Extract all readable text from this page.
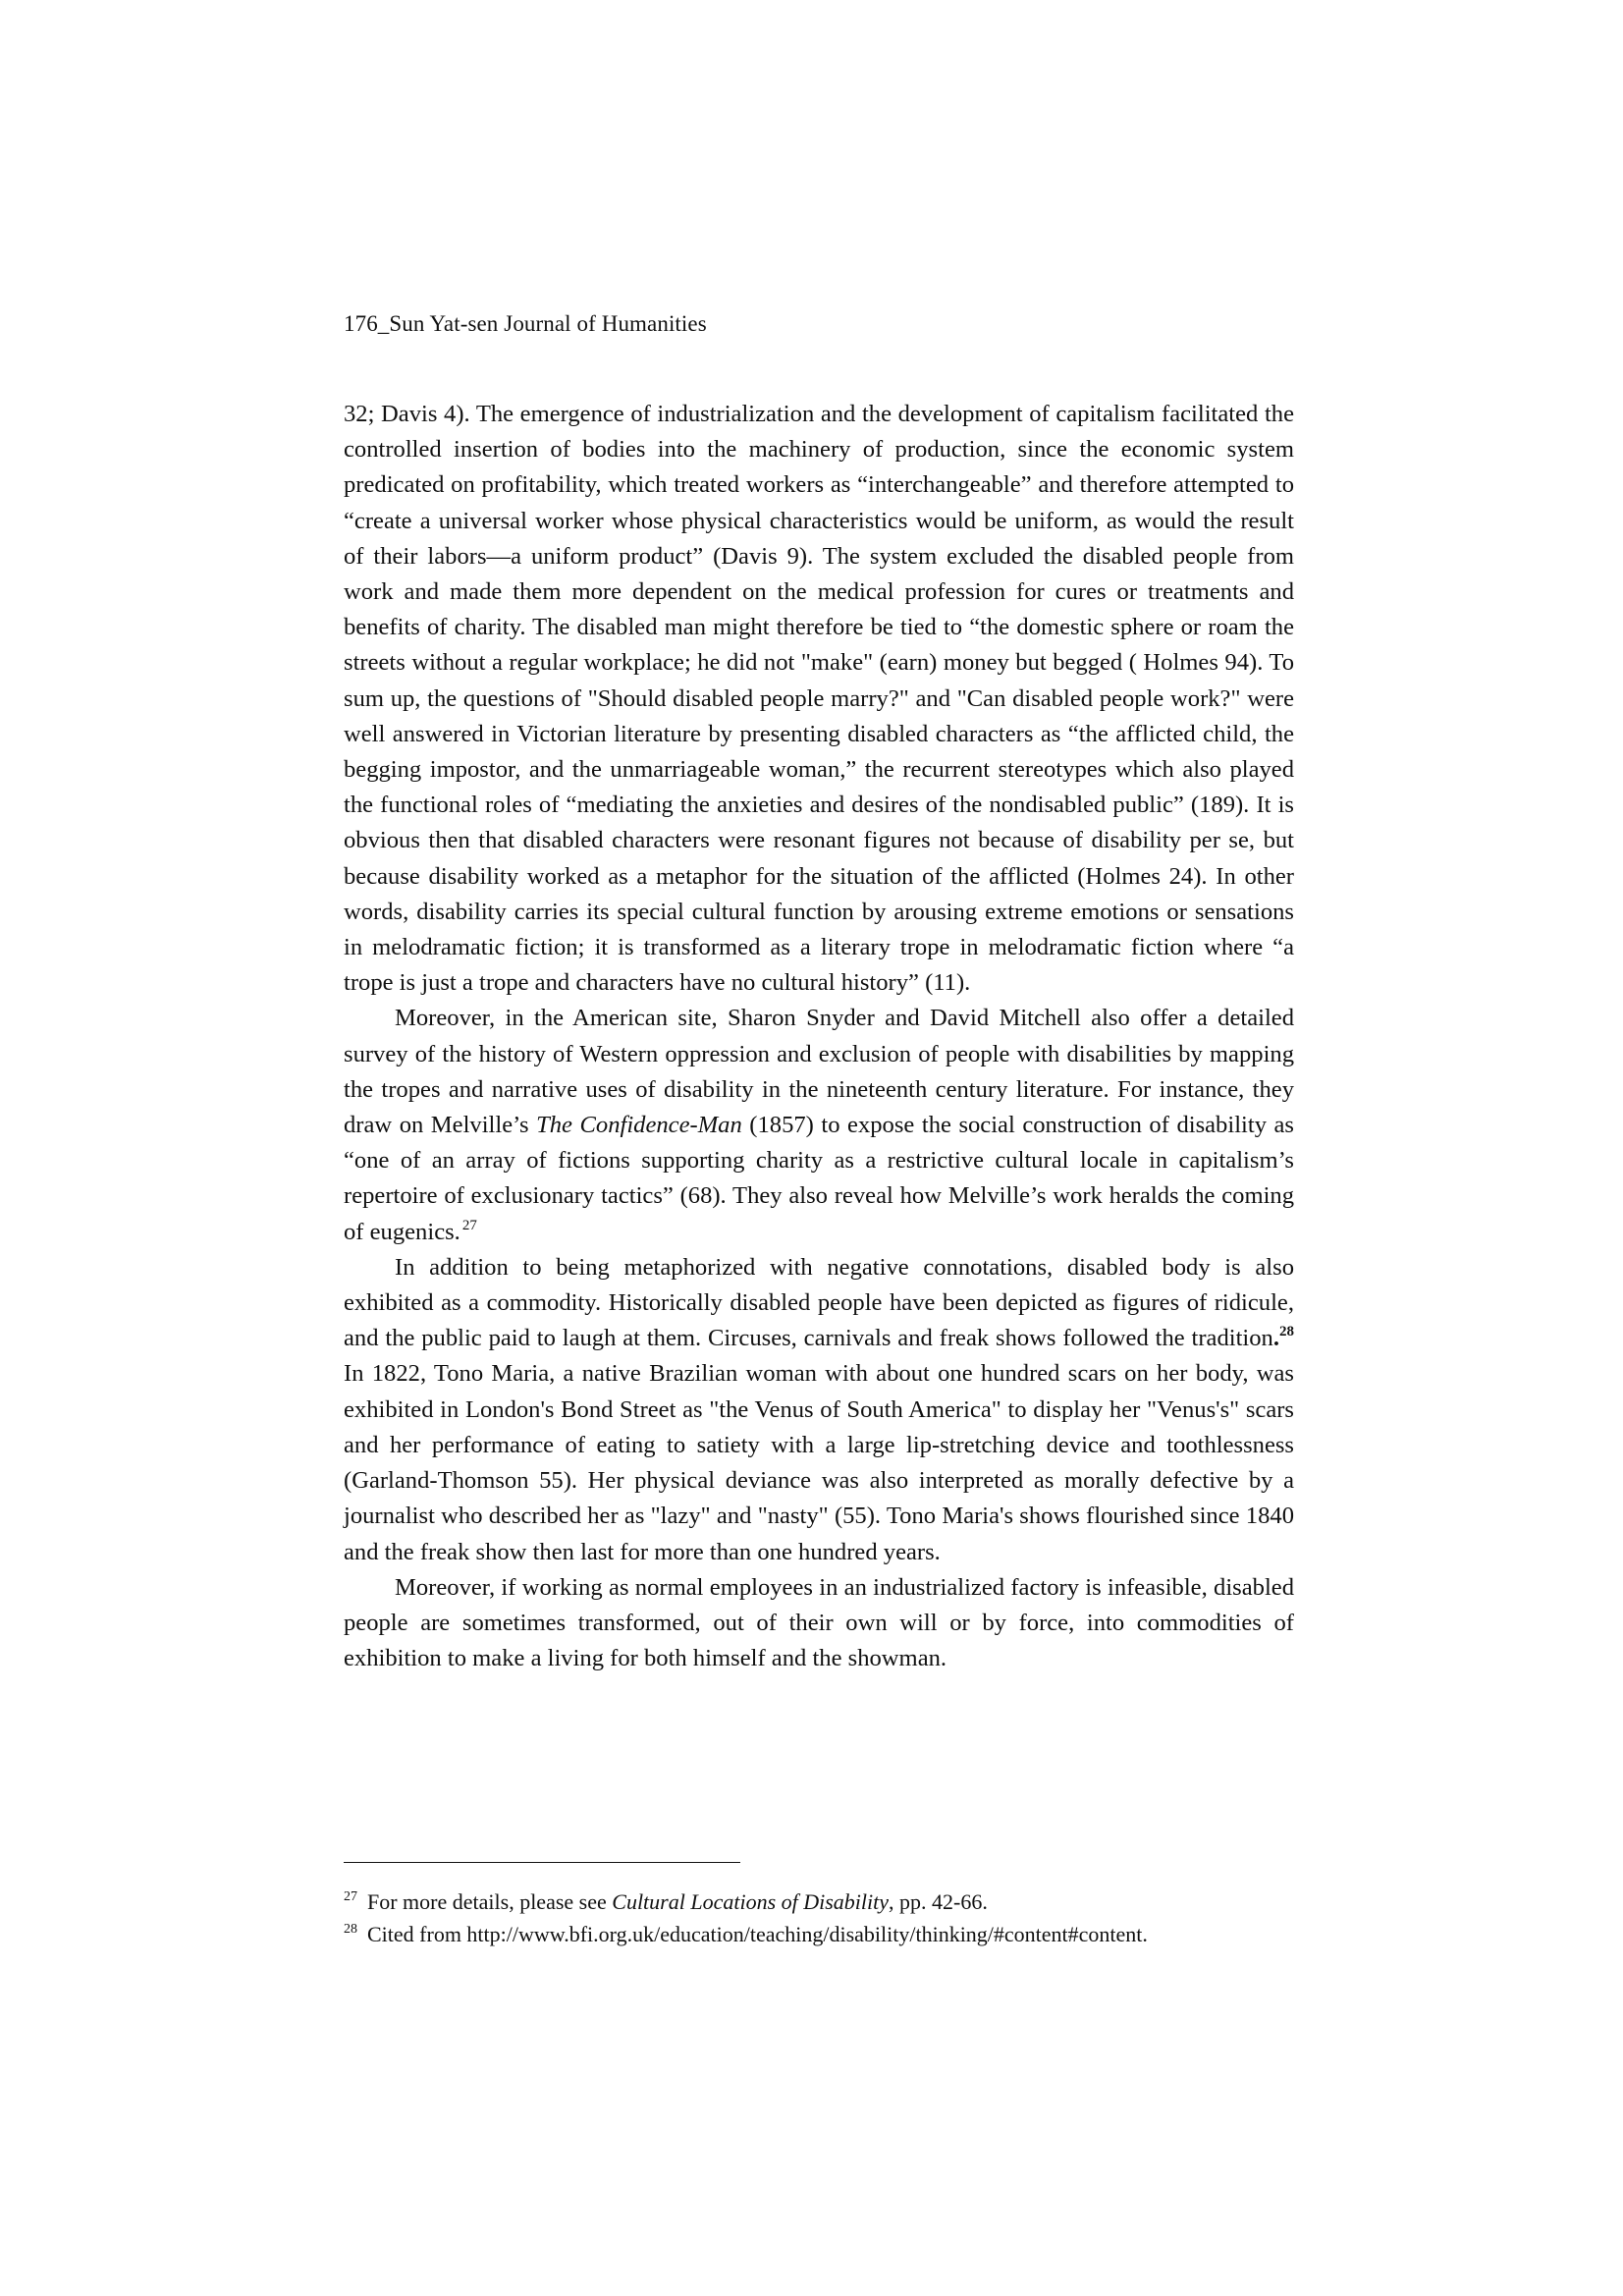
176_Sun Yat-sen Journal of Humanities

32; Davis 4). The emergence of industrialization and the development of capitalism facilitated the controlled insertion of bodies into the machinery of production, since the economic system predicated on profitability, which treated workers as “interchangeable” and therefore attempted to “create a universal worker whose physical characteristics would be uniform, as would the result of their labors—a uniform product” (Davis 9). The system excluded the disabled people from work and made them more dependent on the medical profession for cures or treatments and benefits of charity. The disabled man might therefore be tied to “the domestic sphere or roam the streets without a regular workplace; he did not "make" (earn) money but begged ( Holmes 94). To sum up, the questions of "Should disabled people marry?" and "Can disabled people work?" were well answered in Victorian literature by presenting disabled characters as “the afflicted child, the begging impostor, and the unmarriageable woman,” the recurrent stereotypes which also played the functional roles of “mediating the anxieties and desires of the nondisabled public” (189). It is obvious then that disabled characters were resonant figures not because of disability per se, but because disability worked as a metaphor for the situation of the afflicted (Holmes 24). In other words, disability carries its special cultural function by arousing extreme emotions or sensations in melodramatic fiction; it is transformed as a literary trope in melodramatic fiction where “a trope is just a trope and characters have no cultural history” (11).

Moreover, in the American site, Sharon Snyder and David Mitchell also offer a detailed survey of the history of Western oppression and exclusion of people with disabilities by mapping the tropes and narrative uses of disability in the nineteenth century literature. For instance, they draw on Melville’s The Confidence-Man (1857) to expose the social construction of disability as “one of an array of fictions supporting charity as a restrictive cultural locale in capitalism’s repertoire of exclusionary tactics” (68). They also reveal how Melville’s work heralds the coming of eugenics. $^{27}$

In addition to being metaphorized with negative connotations, disabled body is also exhibited as a commodity. Historically disabled people have been depicted as figures of ridicule, and the public paid to laugh at them. Circuses, carnivals and freak shows followed the tradition.$^{28}$ In 1822, Tono Maria, a native Brazilian woman with about one hundred scars on her body, was exhibited in London's Bond Street as "the Venus of South America" to display her "Venus's" scars and her performance of eating to satiety with a large lip-stretching device and toothlessness (Garland-Thomson 55). Her physical deviance was also interpreted as morally defective by a journalist who described her as "lazy" and "nasty" (55). Tono Maria's shows flourished since 1840 and the freak show then last for more than one hundred years.

Moreover, if working as normal employees in an industrialized factory is infeasible, disabled people are sometimes transformed, out of their own will or by force, into commodities of exhibition to make a living for both himself and the showman.

$^{27}$ For more details, please see Cultural Locations of Disability, pp. 42-66.

$^{28}$ Cited from http://www.bfi.org.uk/education/teaching/disability/thinking/#content#content.
